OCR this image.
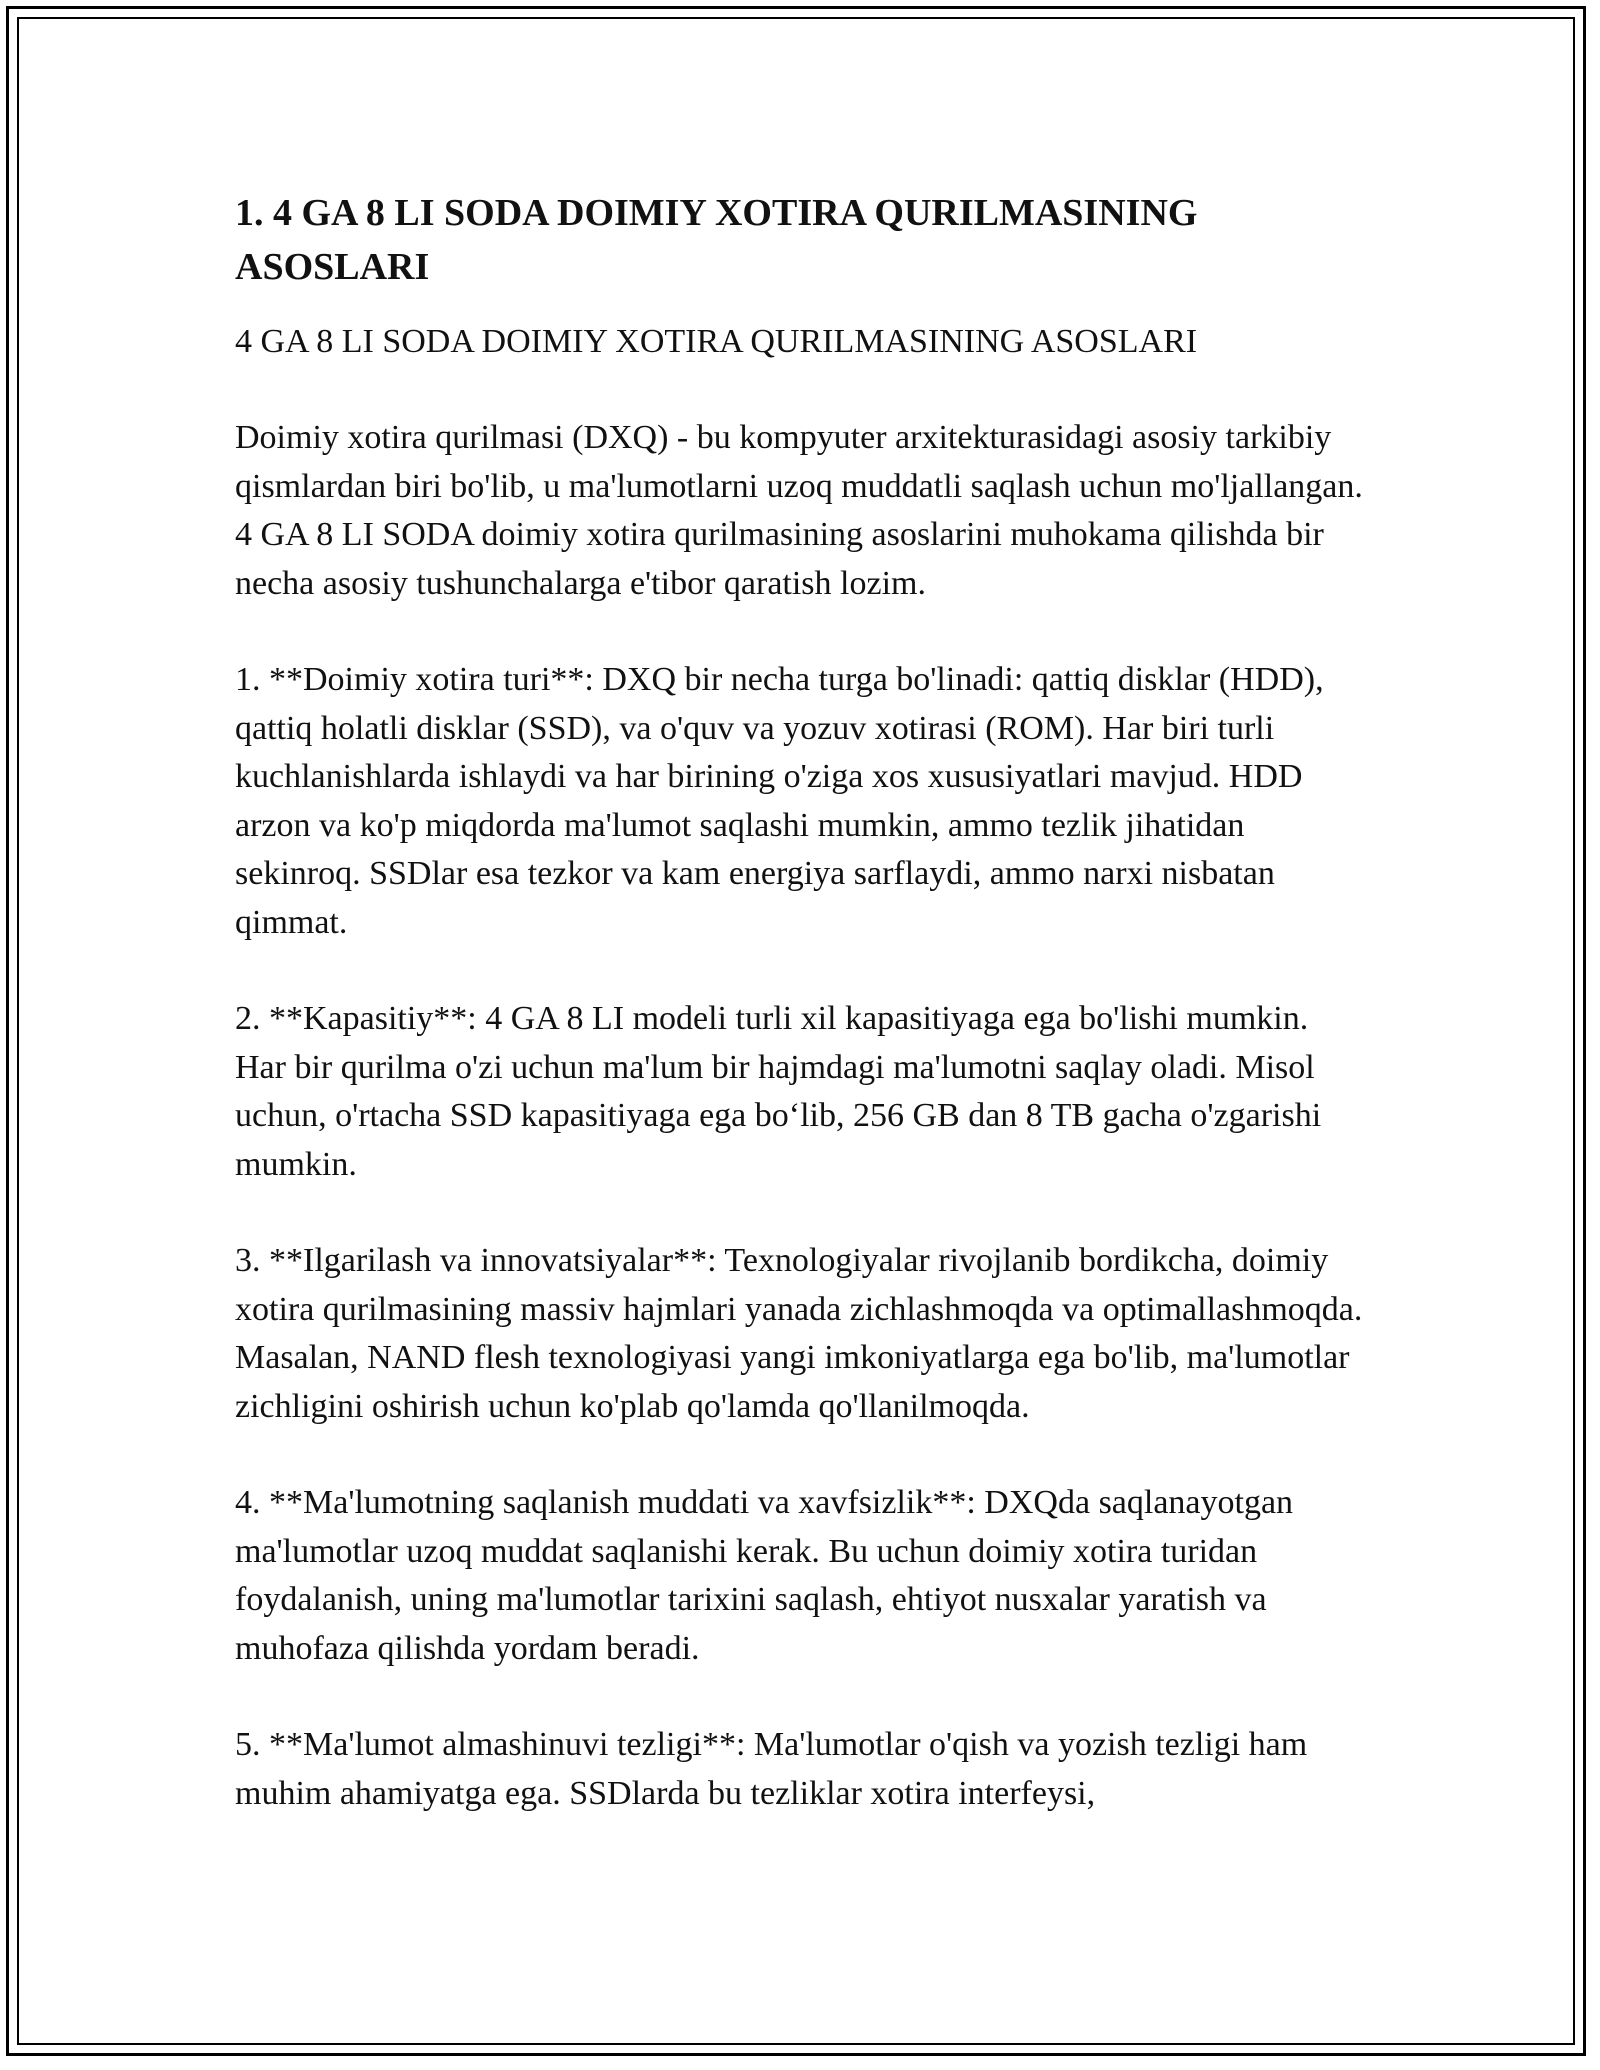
1. 4 GA 8 LI SODA DOIMIY XOTIRA QURILMASINING ASOSLARI

4 GA 8 LI SODA DOIMIY XOTIRA QURILMASINING ASOSLARI

Doimiy xotira qurilmasi (DXQ) - bu kompyuter arxitekturasidagi asosiy tarkibiy qismlardan biri bo'lib, u ma'lumotlarni uzoq muddatli saqlash uchun mo'ljallangan. 4 GA 8 LI SODA doimiy xotira qurilmasining asoslarini muhokama qilishda bir necha asosiy tushunchalarga e'tibor qaratish lozim.

1. **Doimiy xotira turi**: DXQ bir necha turga bo'linadi: qattiq disklar (HDD), qattiq holatli disklar (SSD), va o'quv va yozuv xotirasi (ROM). Har biri turli kuchlanishlarda ishlaydi va har birining o'ziga xos xususiyatlari mavjud. HDD arzon va ko'p miqdorda ma'lumot saqlashi mumkin, ammo tezlik jihatidan sekinroq. SSDlar esa tezkor va kam energiya sarflaydi, ammo narxi nisbatan qimmat.

2. **Kapasitiy**: 4 GA 8 LI modeli turli xil kapasitiyaga ega bo'lishi mumkin. Har bir qurilma o'zi uchun ma'lum bir hajmdagi ma'lumotni saqlay oladi. Misol uchun, o'rtacha SSD kapasitiyaga ega bo‘lib, 256 GB dan 8 TB gacha o'zgarishi mumkin.

3. **Ilgarilash va innovatsiyalar**: Texnologiyalar rivojlanib bordikcha, doimiy xotira qurilmasining massiv hajmlari yanada zichlashmoqda va optimallashmoqda. Masalan, NAND flesh texnologiyasi yangi imkoniyatlarga ega bo'lib, ma'lumotlar zichligini oshirish uchun ko'plab qo'lamda qo'llanilmoqda.

4. **Ma'lumotning saqlanish muddati va xavfsizlik**: DXQda saqlanayotgan ma'lumotlar uzoq muddat saqlanishi kerak. Bu uchun doimiy xotira turidan foydalanish, uning ma'lumotlar tarixini saqlash, ehtiyot nusxalar yaratish va muhofaza qilishda yordam beradi.

5. **Ma'lumot almashinuvi tezligi**: Ma'lumotlar o'qish va yozish tezligi ham muhim ahamiyatga ega. SSDlarda bu tezliklar xotira interfeysi,
